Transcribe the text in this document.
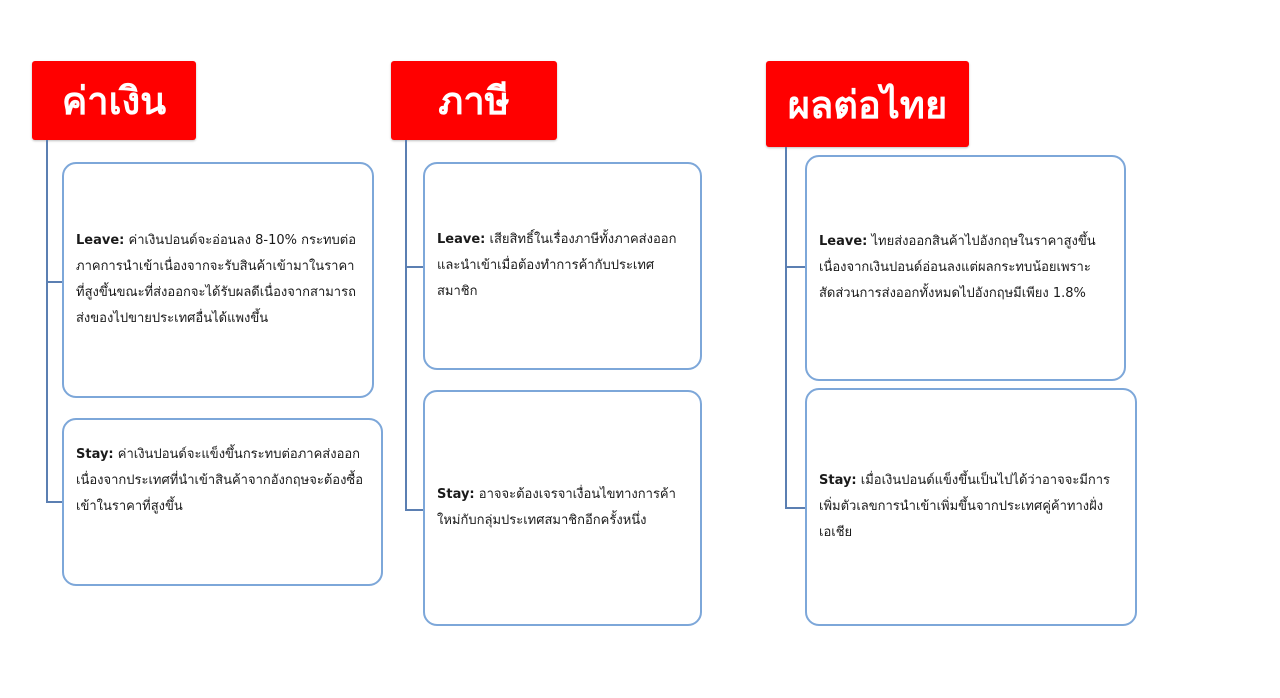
ค่าเงิน

Leave: ค่าเงินปอนด์จะอ่อนลง 8-10% กระทบต่อภาคการนำเข้าเนื่องจากจะรับสินค้าเข้ามาในราคาที่สูงขึ้นขณะที่ส่งออกจะได้รับผลดีเนื่องจากสามารถส่งของไปขายประเทศอื่นได้แพงขึ้น

Stay: ค่าเงินปอนด์จะแข็งขึ้นกระทบต่อภาคส่งออกเนื่องจากประเทศที่นำเข้าสินค้าจากอังกฤษจะต้องซื้อเข้าในราคาที่สูงขึ้น

ภาษี

Leave: เสียสิทธิ์ในเรื่องภาษีทั้งภาคส่งออกและนำเข้าเมื่อต้องทำการค้ากับประเทศสมาชิก

Stay: อาจจะต้องเจรจาเงื่อนไขทางการค้าใหม่กับกลุ่มประเทศสมาชิกอีกครั้งหนึ่ง

ผลต่อไทย

Leave: ไทยส่งออกสินค้าไปอังกฤษในราคาสูงขึ้นเนื่องจากเงินปอนด์อ่อนลงแต่ผลกระทบน้อยเพราะสัดส่วนการส่งออกทั้งหมดไปอังกฤษมีเพียง 1.8%

Stay: เมื่อเงินปอนด์แข็งขึ้นเป็นไปได้ว่าอาจจะมีการเพิ่มตัวเลขการนำเข้าเพิ่มขึ้นจากประเทศคู่ค้าทางฝั่งเอเชีย
